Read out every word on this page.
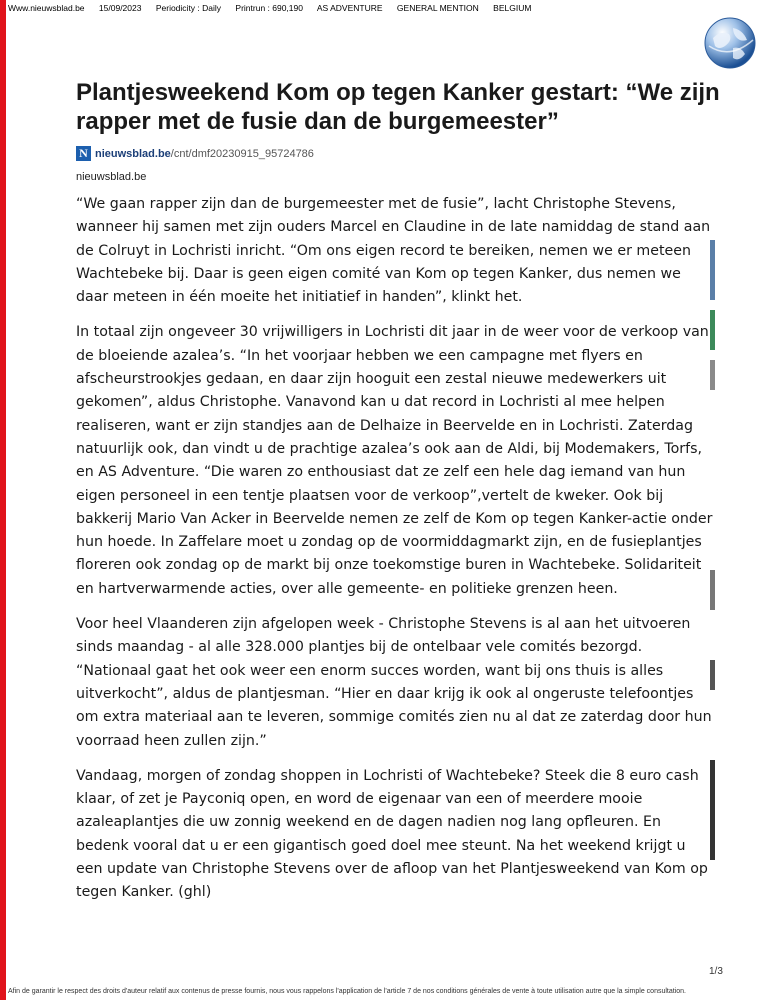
Www.nieuwsblad.be 15/09/2023 Periodicity : Daily Printrun : 690,190 AS ADVENTURE GENERAL MENTION BELGIUM
Plantjesweekend Kom op tegen Kanker gestart: “We zijn rapper met de fusie dan de burgemeester”
N nieuwsblad.be /cnt/dmf20230915_95724786
nieuwsblad.be

“We gaan rapper zijn dan de burgemeester met de fusie”, lacht Christophe Stevens, wanneer hij samen met zijn ouders Marcel en Claudine in de late namiddag de stand aan de Colruyt in Lochristi inricht. “Om ons eigen record te bereiken, nemen we er meteen Wachtebeke bij. Daar is geen eigen comité van Kom op tegen Kanker, dus nemen we daar meteen in één moeite het initiatief in handen”, klinkt het.

In totaal zijn ongeveer 30 vrijwilligers in Lochristi dit jaar in de weer voor de verkoop van de bloeiende azalea’s. “In het voorjaar hebben we een campagne met flyers en afscheurstrookjes gedaan, en daar zijn hooguit een zestal nieuwe medewerkers uit gekomen”, aldus Christophe. Vanavond kan u dat record in Lochristi al mee helpen realiseren, want er zijn standjes aan de Delhaize in Beervelde en in Lochristi. Zaterdag natuurlijk ook, dan vindt u de prachtige azalea’s ook aan de Aldi, bij Modemakers, Torfs, en AS Adventure. “Die waren zo enthousiast dat ze zelf een hele dag iemand van hun eigen personeel in een tentje plaatsen voor de verkoop”,vertelt de kweker. Ook bij bakkerij Mario Van Acker in Beervelde nemen ze zelf de Kom op tegen Kanker-actie onder hun hoede. In Zaffelare moet u zondag op de voormiddagmarkt zijn, en de fusieplantjes floreren ook zondag op de markt bij onze toekomstige buren in Wachtebeke. Solidariteit en hartverwarmende acties, over alle gemeente- en politieke grenzen heen.

Voor heel Vlaanderen zijn afgelopen week - Christophe Stevens is al aan het uitvoeren sinds maandag - al alle 328.000 plantjes bij de ontelbaar vele comités bezorgd. “Nationaal gaat het ook weer een enorm succes worden, want bij ons thuis is alles uitverkocht”, aldus de plantjesman. “Hier en daar krijg ik ook al ongeruste telefoontjes om extra materiaal aan te leveren, sommige comités zien nu al dat ze zaterdag door hun voorraad heen zullen zijn.”

Vandaag, morgen of zondag shoppen in Lochristi of Wachtebeke? Steek die 8 euro cash klaar, of zet je Payconiq open, en word de eigenaar van een of meerdere mooie azaleaplantjes die uw zonnig weekend en de dagen nadien nog lang opfleuren. En bedenk vooral dat u er een gigantisch goed doel mee steunt. Na het weekend krijgt u een update van Christophe Stevens over de afloop van het Plantjesweekend van Kom op tegen Kanker. (ghl)

1/3
Afin de garantir le respect des droits d'auteur relatif aux contenus de presse fournis, nous vous rappelons l'application de l'article 7 de nos conditions générales de vente à toute utilisation autre que la simple consultation.
